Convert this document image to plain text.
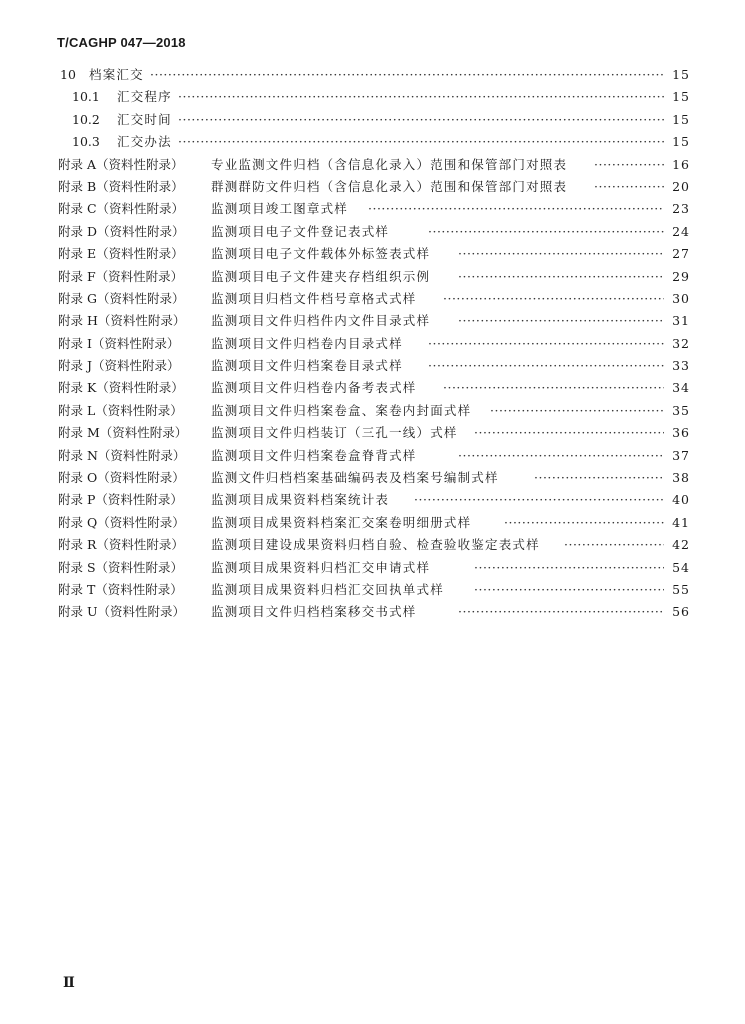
T/CAGHP 047—2018
10 档案汇交 ·····	15
10.1 汇交程序 ·····	15
10.2 汇交时间 ·····	15
10.3 汇交办法 ·····	15
附录 A（资料性附录） 专业监测文件归档（含信息化录入）范围和保管部门对照表 ·····	16
附录 B（资料性附录） 群测群防文件归档（含信息化录入）范围和保管部门对照表 ·····	20
附录 C（资料性附录） 监测项目竣工图章式样 ·····	23
附录 D（资料性附录） 监测项目电子文件登记表式样 ·····	24
附录 E（资料性附录） 监测项目电子文件载体外标签表式样 ·····	27
附录 F（资料性附录） 监测项目电子文件建夹存档组织示例 ·····	29
附录 G（资料性附录） 监测项目归档文件档号章格式式样 ·····	30
附录 H（资料性附录） 监测项目文件归档件内文件目录式样 ·····	31
附录 I（资料性附录）	监测项目文件归档卷内目录式样 ·····	32
附录 J（资料性附录）	监测项目文件归档案卷目录式样 ·····	33
附录 K（资料性附录） 监测项目文件归档卷内备考表式样 ·····	34
附录 L（资料性附录） 监测项目文件归档案卷盒、案卷内封面式样 ·····	35
附录 M（资料性附录） 监测项目文件归档装订（三孔一线）式样 ·····	36
附录 N（资料性附录） 监测项目文件归档案卷盒脊背式样 ·····	37
附录 O（资料性附录） 监测文件归档档案基础编码表及档案号编制式样 ·····	38
附录 P（资料性附录） 监测项目成果资料档案统计表 ·····	40
附录 Q（资料性附录） 监测项目成果资料档案汇交案卷明细册式样 ·····	41
附录 R（资料性附录） 监测项目建设成果资料归档自验、检查验收鉴定表式样 ·····	42
附录 S（资料性附录） 监测项目成果资料归档汇交申请式样 ·····	54
附录 T（资料性附录） 监测项目成果资料归档汇交回执单式样 ·····	55
附录 U（资料性附录） 监测项目文件归档档案移交书式样 ·····	56
Ⅱ
